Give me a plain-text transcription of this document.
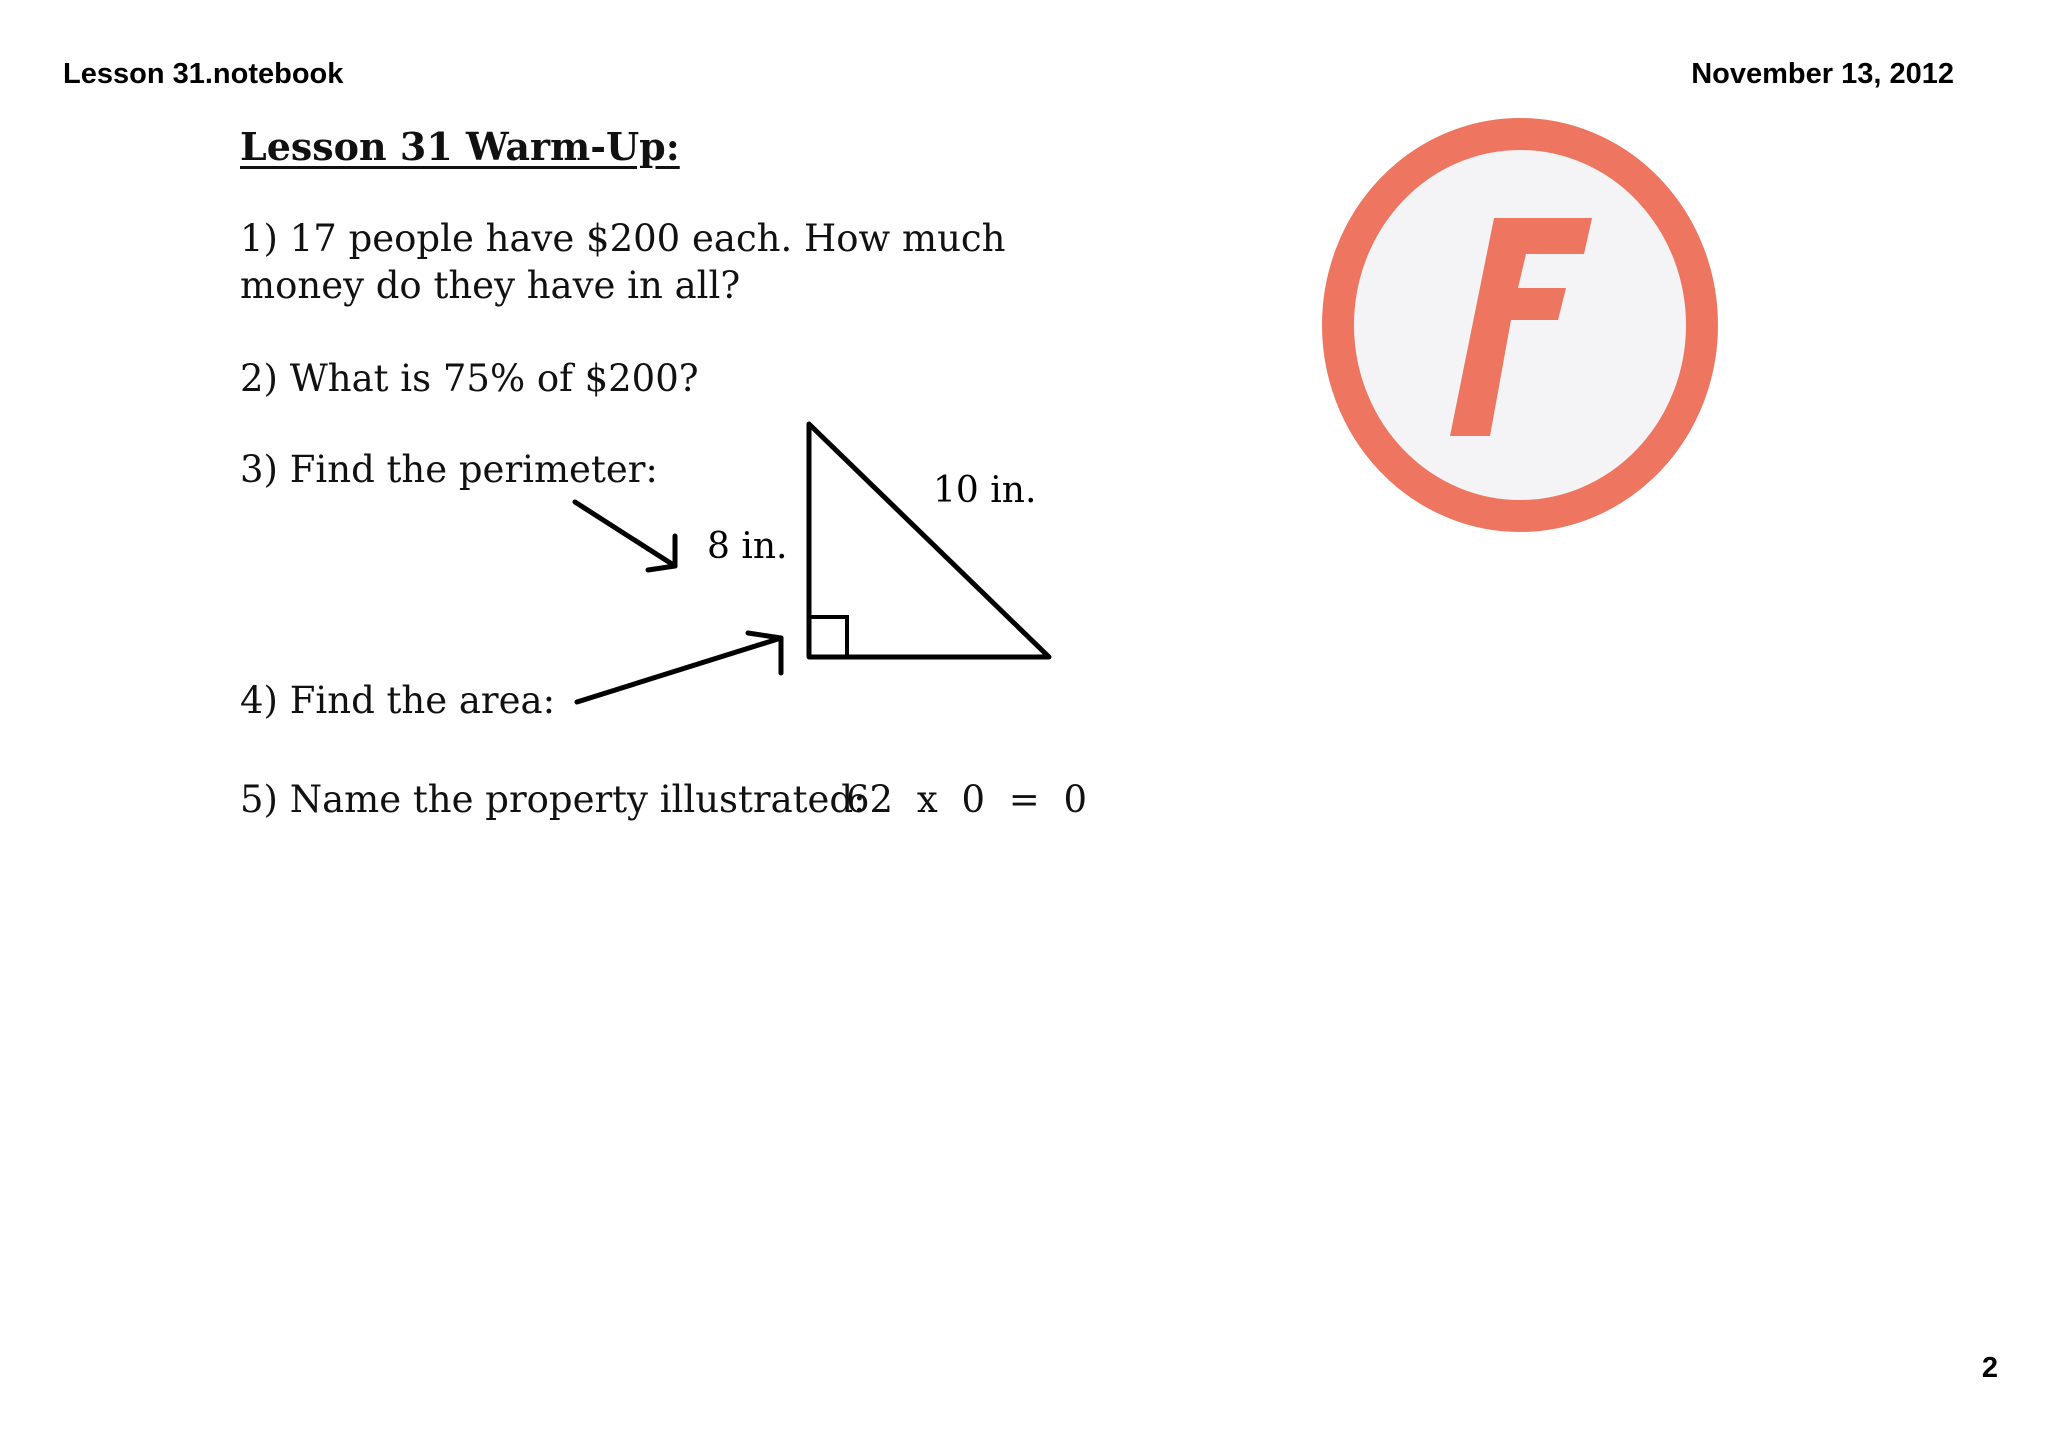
Lesson 31.notebook	November 13, 2012
Lesson 31 Warm-Up:
1) 17 people have $200 each. How much
money do they have in all?
2) What is 75% of $200?
3) Find the perimeter:
4) Find the area:
5) Name the property illustrated:
62 x 0 = 0
8 in.
10 in.
2
